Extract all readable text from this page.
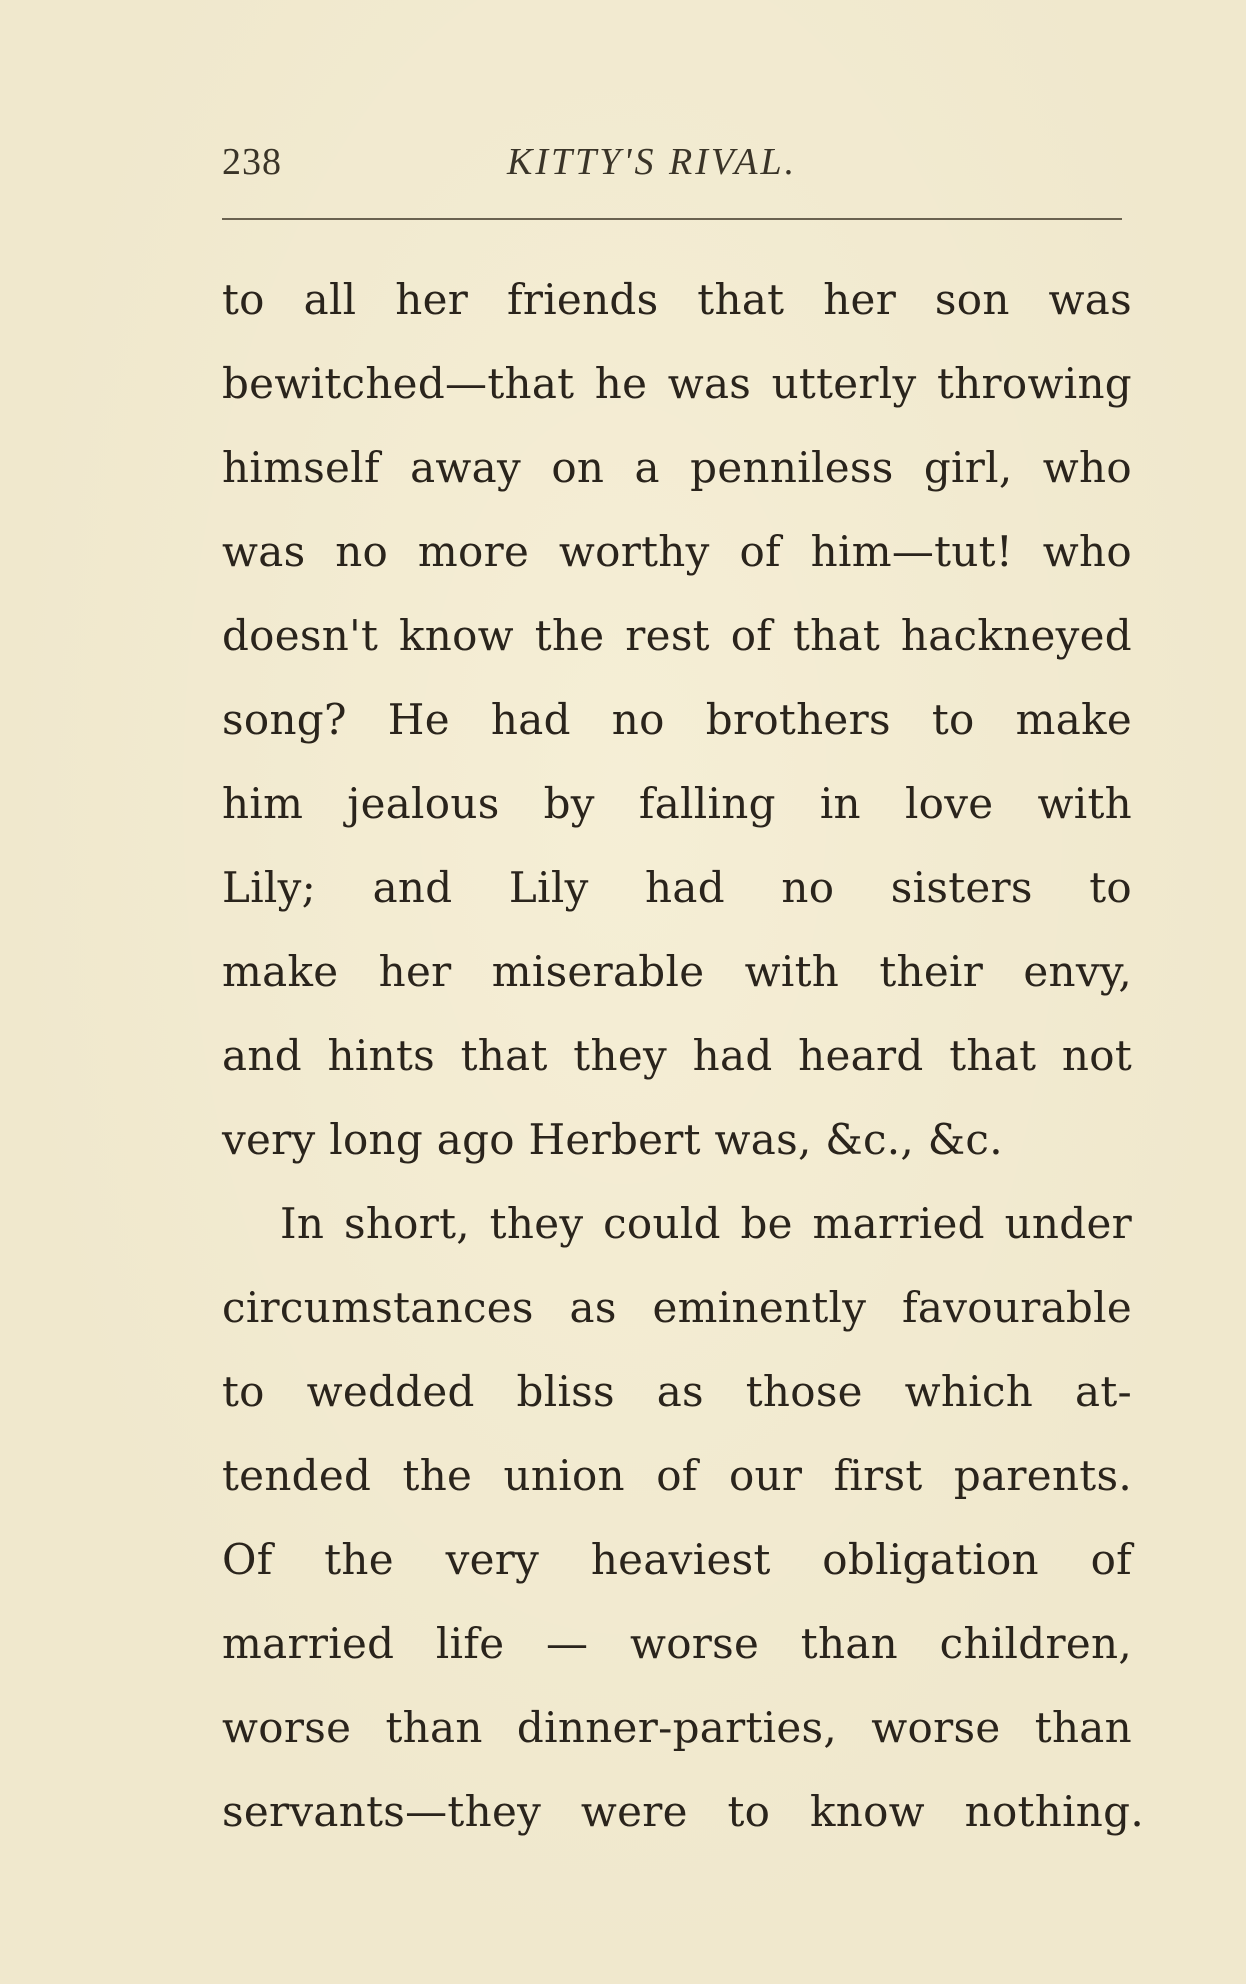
238	KITTY'S RIVAL.
to all her friends that her son was
bewitched—that he was utterly throwing
himself away on a penniless girl, who
was no more worthy of him—tut! who
doesn't know the rest of that hackneyed
song? He had no brothers to make
him jealous by falling in love with
Lily; and Lily had no sisters to
make her miserable with their envy,
and hints that they had heard that not
very long ago Herbert was, &c., &c.
In short, they could be married under
circumstances as eminently favourable
to wedded bliss as those which at-
tended the union of our first parents.
Of the very heaviest obligation of
married life — worse than children,
worse than dinner-parties, worse than
servants—they were to know nothing.
